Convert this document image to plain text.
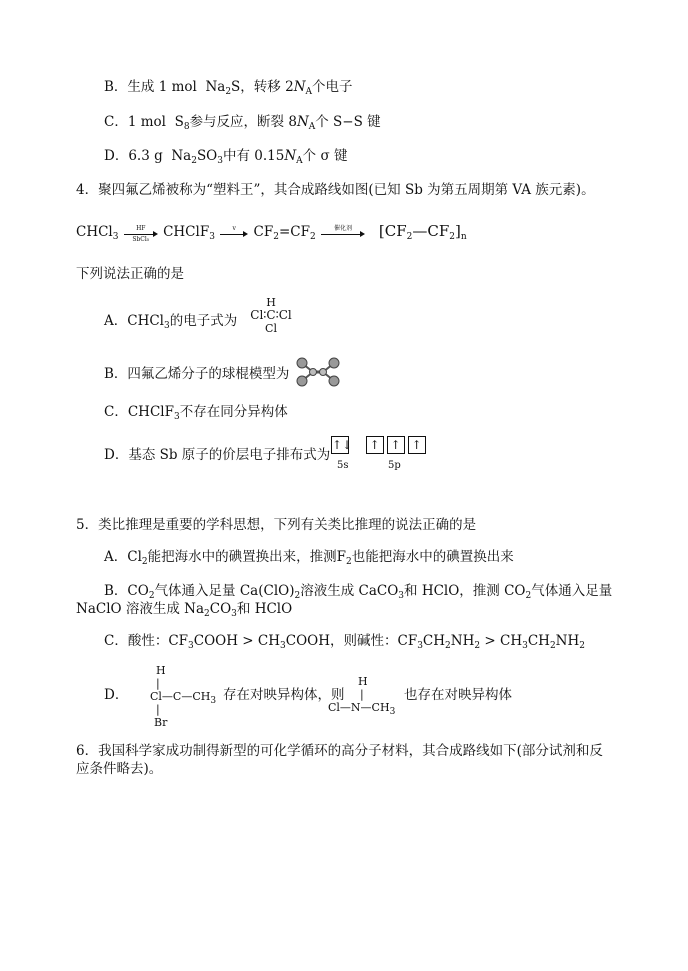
B．生成 1 mol $Na_2S$，转移 $2N_A$个电子
C．1 mol $S_8$参与反应，断裂 $8N_A$个 S−S 键
D．6.3 g $Na_2SO_3$中有 $0.15N_A$个 σ 键
4．聚四氟乙烯被称为“塑料王”，其合成路线如图(已知 Sb 为第五周期第 VA 族元素)。
CHCl$_3$
HF
SbCl₅	CHClF$_3$
ⅴ	$CF_2=CF_2$
催化剂	$[CF_2—CF_2]_n$
下列说法正确的是
A．CHCl$_3$的电子式为
H
Cl∶C∶Cl
Cl
B．四氟乙烯分子的球棍模型为
C．CHClF$_3$不存在同分异构体
D．基态 Sb 原子的价层电子排布式为
↑↓ ↑ ↑ ↑
5s	5p
5．类比推理是重要的学科思想，下列有关类比推理的说法正确的是
A．$Cl_2$能把海水中的碘置换出来，推测$F_2$也能把海水中的碘置换出来
B．$CO_2$气体通入足量 $Ca(ClO)_2$溶液生成 CaCO$_3$和 HClO，推测 $CO_2$气体通入足量
NaClO 溶液生成 $Na_2CO_3$和 HClO
C．酸性：$CF_3COOH$ > $CH_3COOH$，则碱性：$CF_3CH_2NH_2 > CH_3CH_2NH_2$
D．
H
|
$Cl—C—CH_3$
|
Br
存在对映异构体，则
H
|
$Cl—N—CH_3$
也存在对映异构体
6．我国科学家成功制得新型的可化学循环的高分子材料，其合成路线如下(部分试剂和反
应条件略去)。
